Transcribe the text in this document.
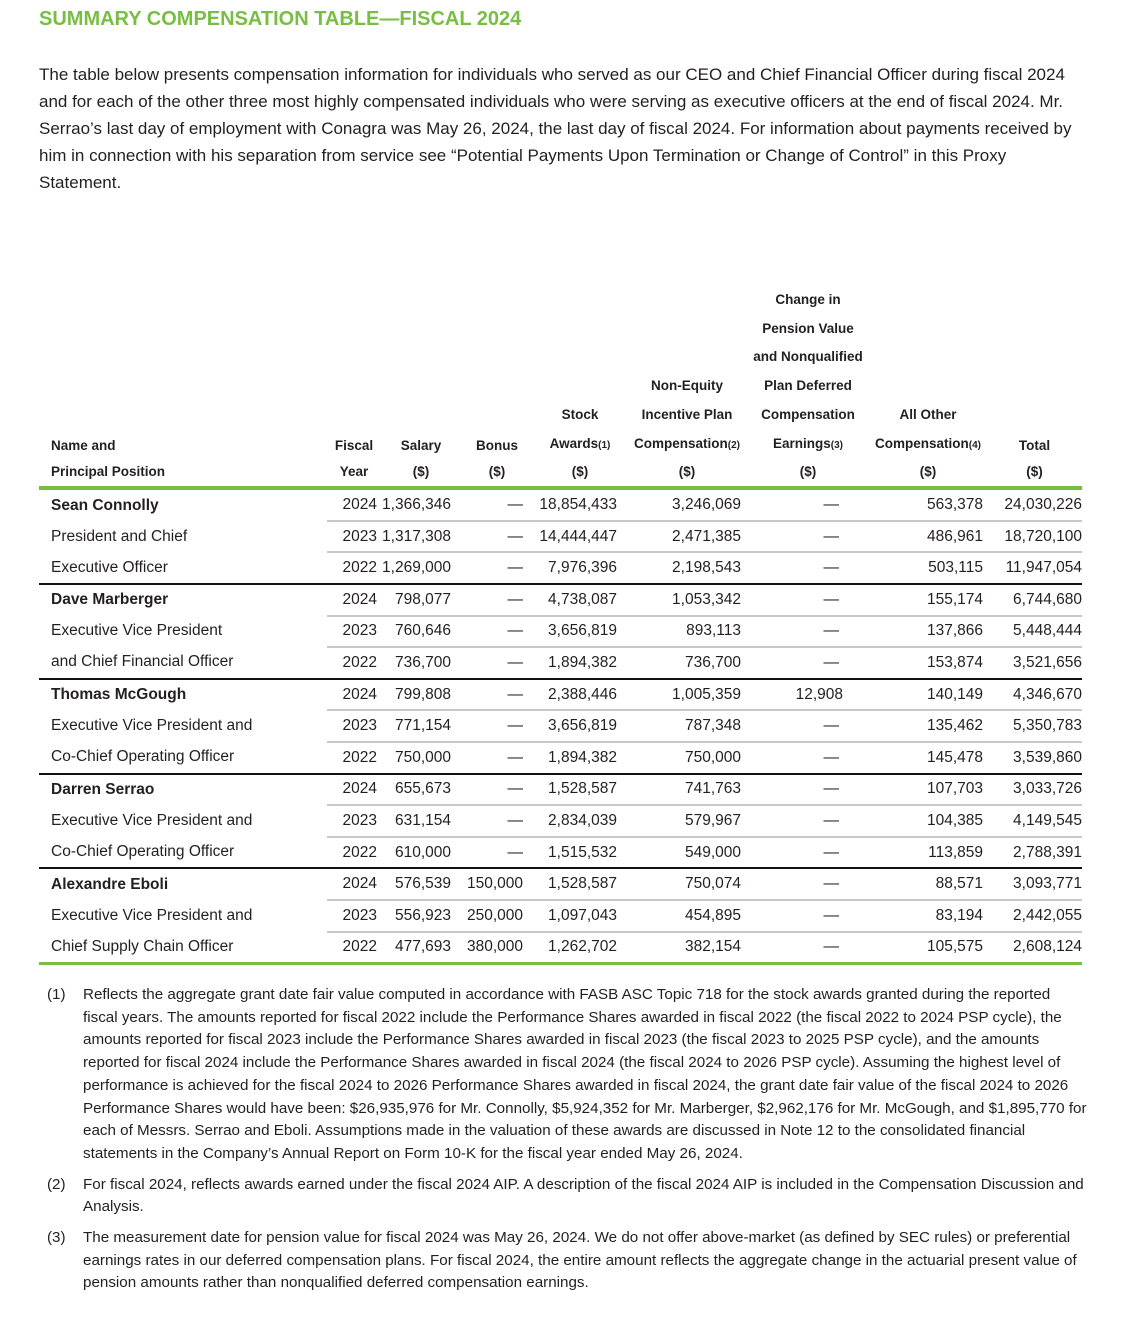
SUMMARY COMPENSATION TABLE—FISCAL 2024

The table below presents compensation information for individuals who served as our CEO and Chief Financial Officer during fiscal 2024 and for each of the other three most highly compensated individuals who were serving as executive officers at the end of fiscal 2024. Mr. Serrao’s last day of employment with Conagra was May 26, 2024, the last day of fiscal 2024. For information about payments received by him in connection with his separation from service see “Potential Payments Upon Termination or Change of Control” in this Proxy Statement.

						Change in		
						Pension Value		
						and Nonqualified		
					Non-Equity	Plan Deferred		
				Stock	Incentive Plan	Compensation	All Other	
Name and	Fiscal	Salary	Bonus	Awards(1)	Compensation(2)	Earnings(3)	Compensation(4)	Total
Principal Position	Year	($)	($)	($)	($)	($)	($)	($)
Sean Connolly	2024	1,366,346	—	18,854,433	3,246,069	—	563,378	24,030,226
President and Chief	2023	1,317,308	—	14,444,447	2,471,385	—	486,961	18,720,100
Executive Officer	2022	1,269,000	—	7,976,396	2,198,543	—	503,115	11,947,054
Dave Marberger	2024	798,077	—	4,738,087	1,053,342	—	155,174	6,744,680
Executive Vice President	2023	760,646	—	3,656,819	893,113	—	137,866	5,448,444
and Chief Financial Officer	2022	736,700	—	1,894,382	736,700	—	153,874	3,521,656
Thomas McGough	2024	799,808	—	2,388,446	1,005,359	12,908	140,149	4,346,670
Executive Vice President and	2023	771,154	—	3,656,819	787,348	—	135,462	5,350,783
Co-Chief Operating Officer	2022	750,000	—	1,894,382	750,000	—	145,478	3,539,860
Darren Serrao	2024	655,673	—	1,528,587	741,763	—	107,703	3,033,726
Executive Vice President and	2023	631,154	—	2,834,039	579,967	—	104,385	4,149,545
Co-Chief Operating Officer	2022	610,000	—	1,515,532	549,000	—	113,859	2,788,391
Alexandre Eboli	2024	576,539	150,000	1,528,587	750,074	—	88,571	3,093,771
Executive Vice President and	2023	556,923	250,000	1,097,043	454,895	—	83,194	2,442,055
Chief Supply Chain Officer	2022	477,693	380,000	1,262,702	382,154	—	105,575	2,608,124
(1)	Reflects the aggregate grant date fair value computed in accordance with FASB ASC Topic 718 for the stock awards granted during the reported fiscal years. The amounts reported for fiscal 2022 include the Performance Shares awarded in fiscal 2022 (the fiscal 2022 to 2024 PSP cycle), the amounts reported for fiscal 2023 include the Performance Shares awarded in fiscal 2023 (the fiscal 2023 to 2025 PSP cycle), and the amounts reported for fiscal 2024 include the Performance Shares awarded in fiscal 2024 (the fiscal 2024 to 2026 PSP cycle). Assuming the highest level of performance is achieved for the fiscal 2024 to 2026 Performance Shares awarded in fiscal 2024, the grant date fair value of the fiscal 2024 to 2026 Performance Shares would have been: $26,935,976 for Mr. Connolly, $5,924,352 for Mr. Marberger, $2,962,176 for Mr. McGough, and $1,895,770 for each of Messrs. Serrao and Eboli. Assumptions made in the valuation of these awards are discussed in Note 12 to the consolidated financial statements in the Company’s Annual Report on Form 10-K for the fiscal year ended May 26, 2024.
(2)	For fiscal 2024, reflects awards earned under the fiscal 2024 AIP. A description of the fiscal 2024 AIP is included in the Compensation Discussion and Analysis.
(3)	The measurement date for pension value for fiscal 2024 was May 26, 2024. We do not offer above-market (as defined by SEC rules) or preferential earnings rates in our deferred compensation plans. For fiscal 2024, the entire amount reflects the aggregate change in the actuarial present value of pension amounts rather than nonqualified deferred compensation earnings.
